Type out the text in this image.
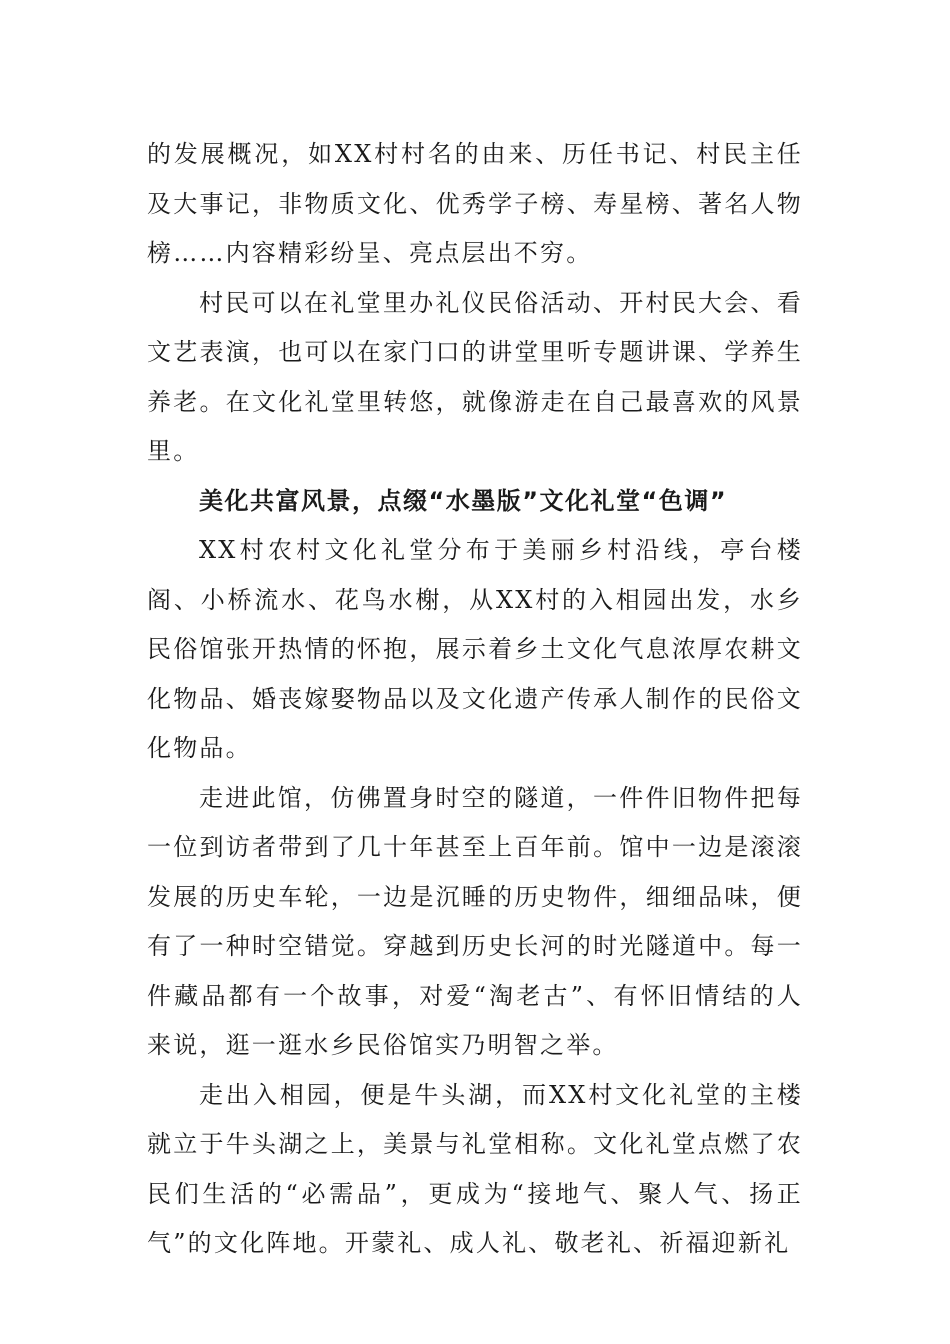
的发展概况，如XX村村名的由来、历任书记、村民主任及大事记，非物质文化、优秀学子榜、寿星榜、著名人物榜……内容精彩纷呈、亮点层出不穷。

村民可以在礼堂里办礼仪民俗活动、开村民大会、看文艺表演，也可以在家门口的讲堂里听专题讲课、学养生养老。在文化礼堂里转悠，就像游走在自己最喜欢的风景里。

美化共富风景，点缀“水墨版”文化礼堂“色调”

XX村农村文化礼堂分布于美丽乡村沿线，亭台楼阁、小桥流水、花鸟水榭，从XX村的入相园出发，水乡民俗馆张开热情的怀抱，展示着乡土文化气息浓厚农耕文化物品、婚丧嫁娶物品以及文化遗产传承人制作的民俗文化物品。

走进此馆，仿佛置身时空的隧道，一件件旧物件把每一位到访者带到了几十年甚至上百年前。馆中一边是滚滚发展的历史车轮，一边是沉睡的历史物件，细细品味，便有了一种时空错觉。穿越到历史长河的时光隧道中。每一件藏品都有一个故事，对爱“淘老古”、有怀旧情结的人来说，逛一逛水乡民俗馆实乃明智之举。

走出入相园，便是牛头湖，而XX村文化礼堂的主楼就立于牛头湖之上，美景与礼堂相称。文化礼堂点燃了农民们生活的“必需品”，更成为“接地气、聚人气、扬正气”的文化阵地。开蒙礼、成人礼、敬老礼、祈福迎新礼
